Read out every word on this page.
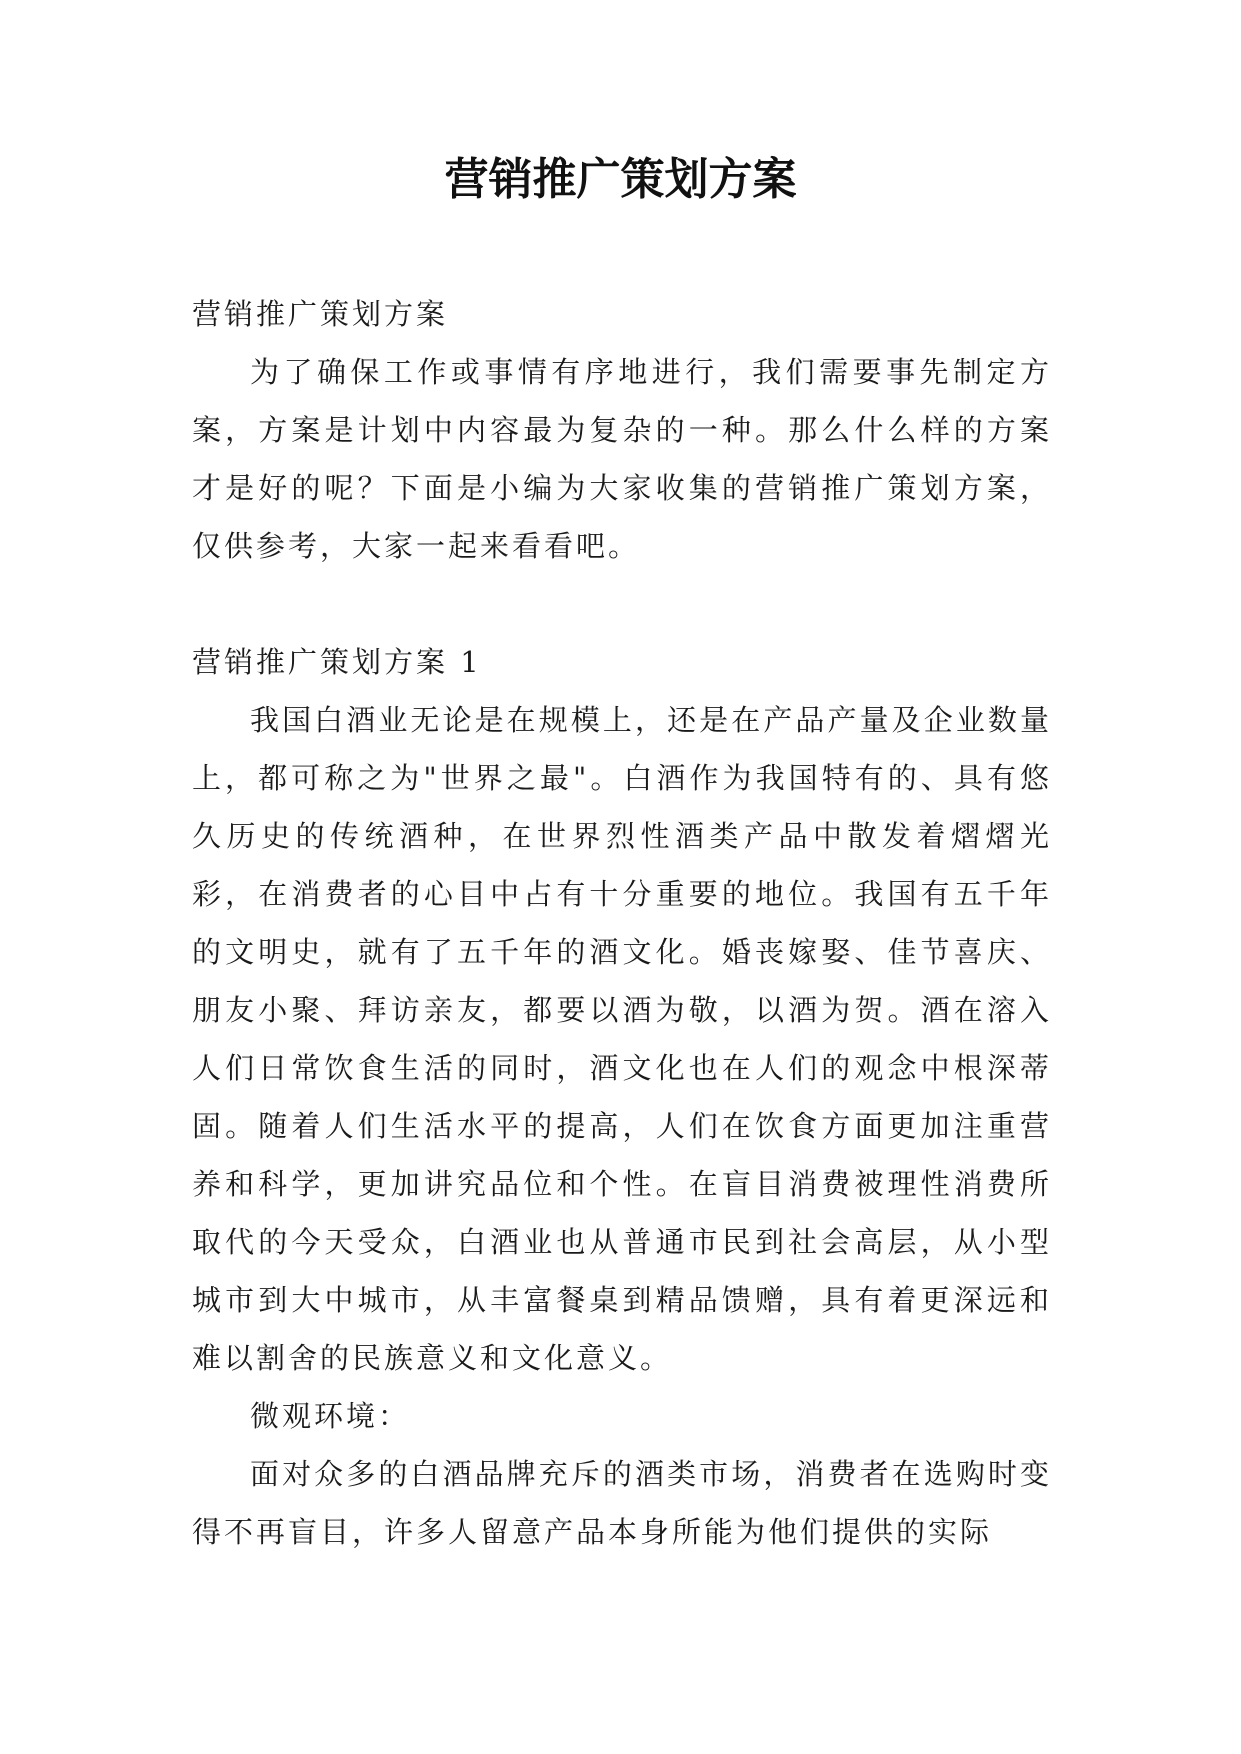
营销推广策划方案

营销推广策划方案

为了确保工作或事情有序地进行，我们需要事先制定方案，方案是计划中内容最为复杂的一种。那么什么样的方案才是好的呢？下面是小编为大家收集的营销推广策划方案，仅供参考，大家一起来看看吧。

营销推广策划方案 1

我国白酒业无论是在规模上，还是在产品产量及企业数量上，都可称之为"世界之最"。白酒作为我国特有的、具有悠久历史的传统酒种，在世界烈性酒类产品中散发着熠熠光彩，在消费者的心目中占有十分重要的地位。我国有五千年的文明史，就有了五千年的酒文化。婚丧嫁娶、佳节喜庆、朋友小聚、拜访亲友，都要以酒为敬，以酒为贺。酒在溶入人们日常饮食生活的同时，酒文化也在人们的观念中根深蒂固。随着人们生活水平的提高，人们在饮食方面更加注重营养和科学，更加讲究品位和个性。在盲目消费被理性消费所取代的今天受众，白酒业也从普通市民到社会高层，从小型城市到大中城市，从丰富餐桌到精品馈赠，具有着更深远和难以割舍的民族意义和文化意义。

微观环境：

面对众多的白酒品牌充斥的酒类市场，消费者在选购时变得不再盲目，许多人留意产品本身所能为他们提供的实际
